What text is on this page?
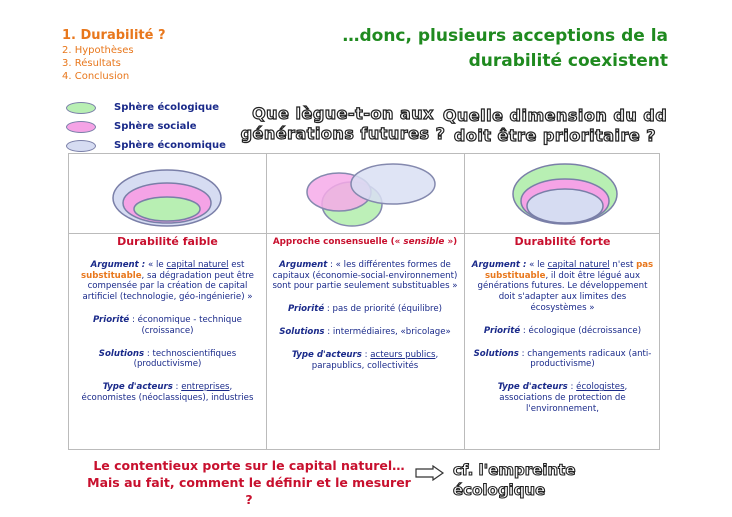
1. Durabilité ?
2. Hypothèses
3. Résultats
4. Conclusion
…donc, plusieurs acceptions de la
durabilité coexistent
Sphère écologique
Sphère sociale
Sphère économique
Que lègue-t-on aux générations futures ?
Quelle dimension du dd doit être prioritaire ?
Durabilité faible
Argument : « le capital naturel est substituable, sa dégradation peut être compensée par la création de capital artificiel (technologie, géo-ingénierie) »
Priorité : économique - technique (croissance)
Solutions : technoscientifiques (productivisme)
Type d'acteurs : entreprises, économistes (néoclassiques), industries
Approche consensuelle (« sensible »)
Argument : « les différentes formes de capitaux (économie-social-environnement) sont pour partie seulement substituables »
Priorité : pas de priorité (équilibre)
Solutions : intermédiaires, «bricolage»
Type d'acteurs : acteurs publics, parapublics, collectivités
Durabilité forte
Argument : « le capital naturel n'est pas substituable, il doit être légué aux générations futures. Le développement doit s'adapter aux limites des écosystèmes »
Priorité : écologique (décroissance)
Solutions : changements radicaux (anti-productivisme)
Type d'acteurs : écologistes, associations de protection de l'environnement,
Le contentieux porte sur le capital naturel…
Mais au fait, comment le définir et le mesurer ?
cf. l'empreinte écologique
